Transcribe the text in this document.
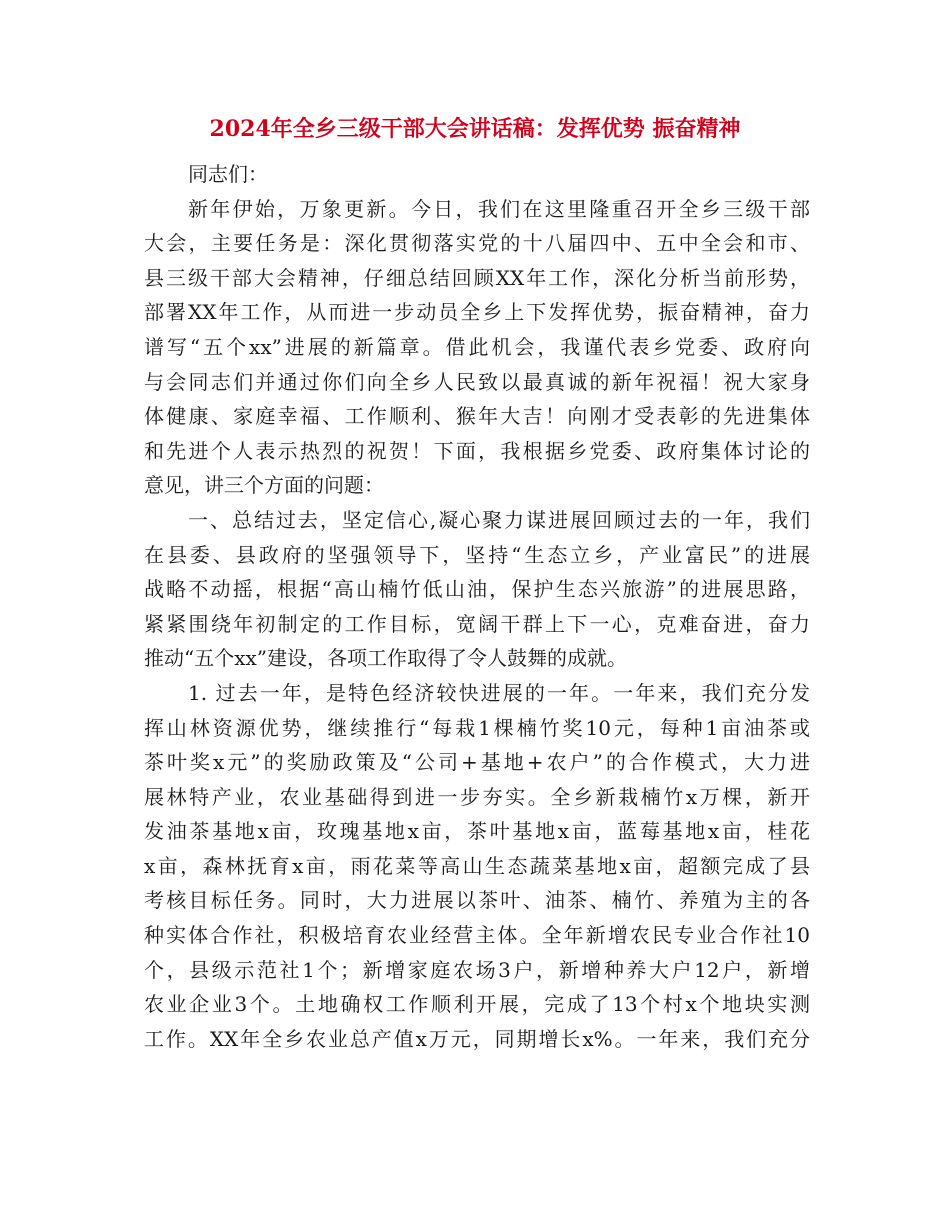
2024年全乡三级干部大会讲话稿：发挥优势 振奋精神
同志们：
新年伊始，万象更新。今日，我们在这里隆重召开全乡三级干部
大会，主要任务是：深化贯彻落实党的十八届四中、五中全会和市、
县三级干部大会精神，仔细总结回顾XX年工作，深化分析当前形势，
部署XX年工作，从而进一步动员全乡上下发挥优势，振奋精神，奋力
谱写“五个xx”进展的新篇章。借此机会，我谨代表乡党委、政府向
与会同志们并通过你们向全乡人民致以最真诚的新年祝福！祝大家身
体健康、家庭幸福、工作顺利、猴年大吉！向刚才受表彰的先进集体
和先进个人表示热烈的祝贺！下面，我根据乡党委、政府集体讨论的
意见，讲三个方面的问题：
一、总结过去，坚定信心,凝心聚力谋进展回顾过去的一年，我们
在县委、县政府的坚强领导下，坚持“生态立乡，产业富民”的进展
战略不动摇，根据“高山楠竹低山油，保护生态兴旅游”的进展思路，
紧紧围绕年初制定的工作目标，宽阔干群上下一心，克难奋进，奋力
推动“五个xx”建设，各项工作取得了令人鼓舞的成就。
1. 过去一年，是特色经济较快进展的一年。一年来，我们充分发
挥山林资源优势，继续推行“每栽1棵楠竹奖10元，每种1亩油茶或
茶叶奖x元”的奖励政策及“公司+基地+农户”的合作模式，大力进
展林特产业，农业基础得到进一步夯实。全乡新栽楠竹x万棵，新开
发油茶基地x亩，玫瑰基地x亩，茶叶基地x亩，蓝莓基地x亩，桂花
x亩，森林抚育x亩，雨花菜等高山生态蔬菜基地x亩，超额完成了县
考核目标任务。同时，大力进展以茶叶、油茶、楠竹、养殖为主的各
种实体合作社，积极培育农业经营主体。全年新增农民专业合作社10
个，县级示范社1个；新增家庭农场3户，新增种养大户12户，新增
农业企业3个。土地确权工作顺利开展，完成了13个村x个地块实测
工作。XX年全乡农业总产值x万元，同期增长x%。一年来，我们充分
